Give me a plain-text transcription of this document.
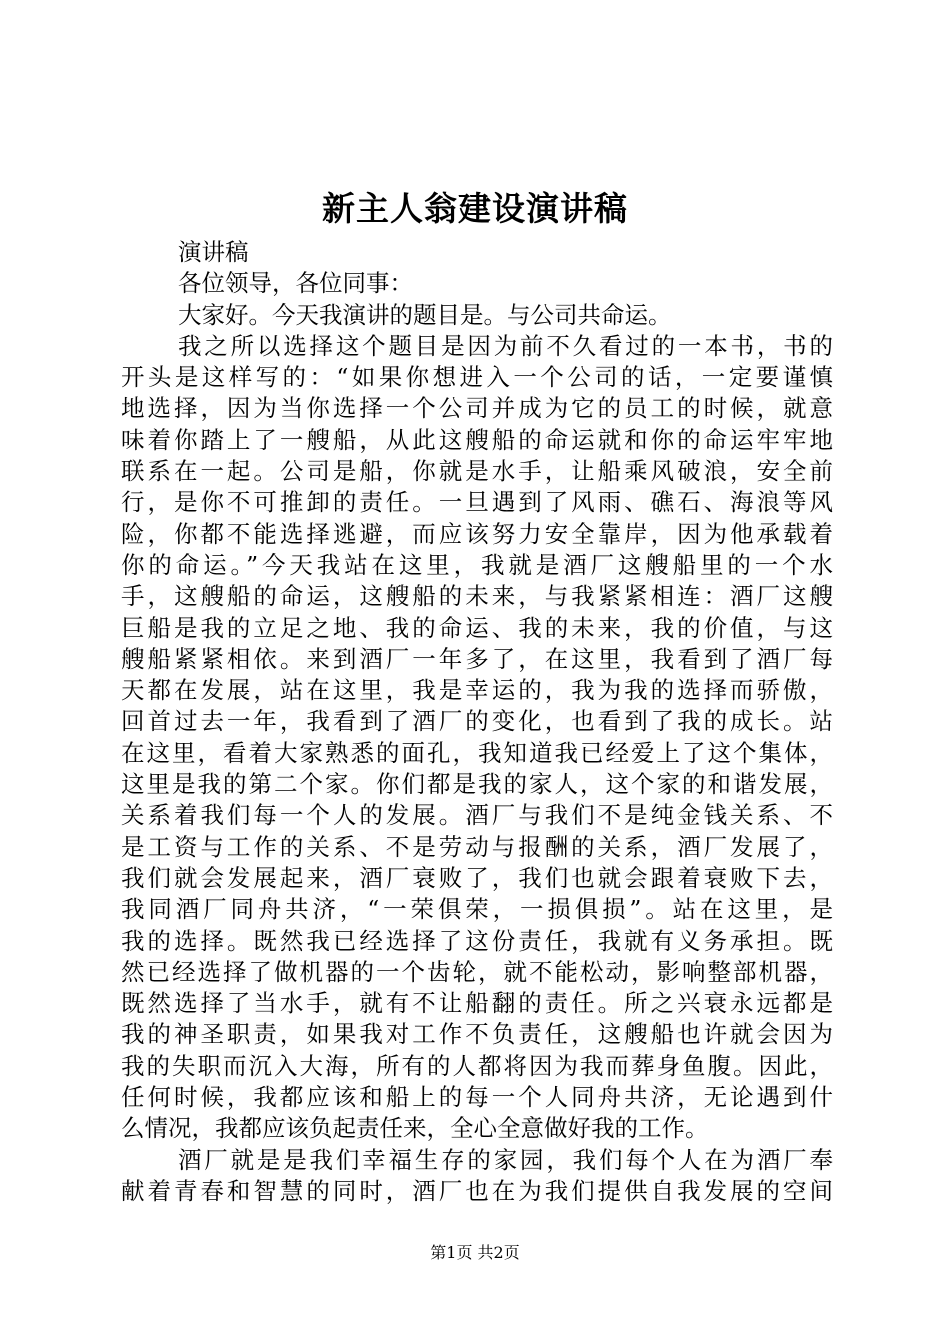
新主人翁建设演讲稿
演讲稿
各位领导，各位同事：
大家好。今天我演讲的题目是。与公司共命运。
我之所以选择这个题目是因为前不久看过的一本书，书的
开头是这样写的：“如果你想进入一个公司的话，一定要谨慎
地选择，因为当你选择一个公司并成为它的员工的时候，就意
味着你踏上了一艘船，从此这艘船的命运就和你的命运牢牢地
联系在一起。公司是船，你就是水手，让船乘风破浪，安全前
行，是你不可推卸的责任。一旦遇到了风雨、礁石、海浪等风
险，你都不能选择逃避，而应该努力安全靠岸，因为他承载着
你的命运。”今天我站在这里，我就是酒厂这艘船里的一个水
手，这艘船的命运，这艘船的未来，与我紧紧相连：酒厂这艘
巨船是我的立足之地、我的命运、我的未来，我的价值，与这
艘船紧紧相依。来到酒厂一年多了，在这里，我看到了酒厂每
天都在发展，站在这里，我是幸运的，我为我的选择而骄傲，
回首过去一年，我看到了酒厂的变化，也看到了我的成长。站
在这里，看着大家熟悉的面孔，我知道我已经爱上了这个集体，
这里是我的第二个家。你们都是我的家人，这个家的和谐发展，
关系着我们每一个人的发展。酒厂与我们不是纯金钱关系、不
是工资与工作的关系、不是劳动与报酬的关系，酒厂发展了，
我们就会发展起来，酒厂衰败了，我们也就会跟着衰败下去，
我同酒厂同舟共济，“一荣俱荣，一损俱损”。站在这里，是
我的选择。既然我已经选择了这份责任，我就有义务承担。既
然已经选择了做机器的一个齿轮，就不能松动，影响整部机器，
既然选择了当水手，就有不让船翻的责任。所之兴衰永远都是
我的神圣职责，如果我对工作不负责任，这艘船也许就会因为
我的失职而沉入大海，所有的人都将因为我而葬身鱼腹。因此，
任何时候，我都应该和船上的每一个人同舟共济，无论遇到什
么情况，我都应该负起责任来，全心全意做好我的工作。
酒厂就是是我们幸福生存的家园，我们每个人在为酒厂奉
献着青春和智慧的同时，酒厂也在为我们提供自我发展的空间
第1页 共2页
